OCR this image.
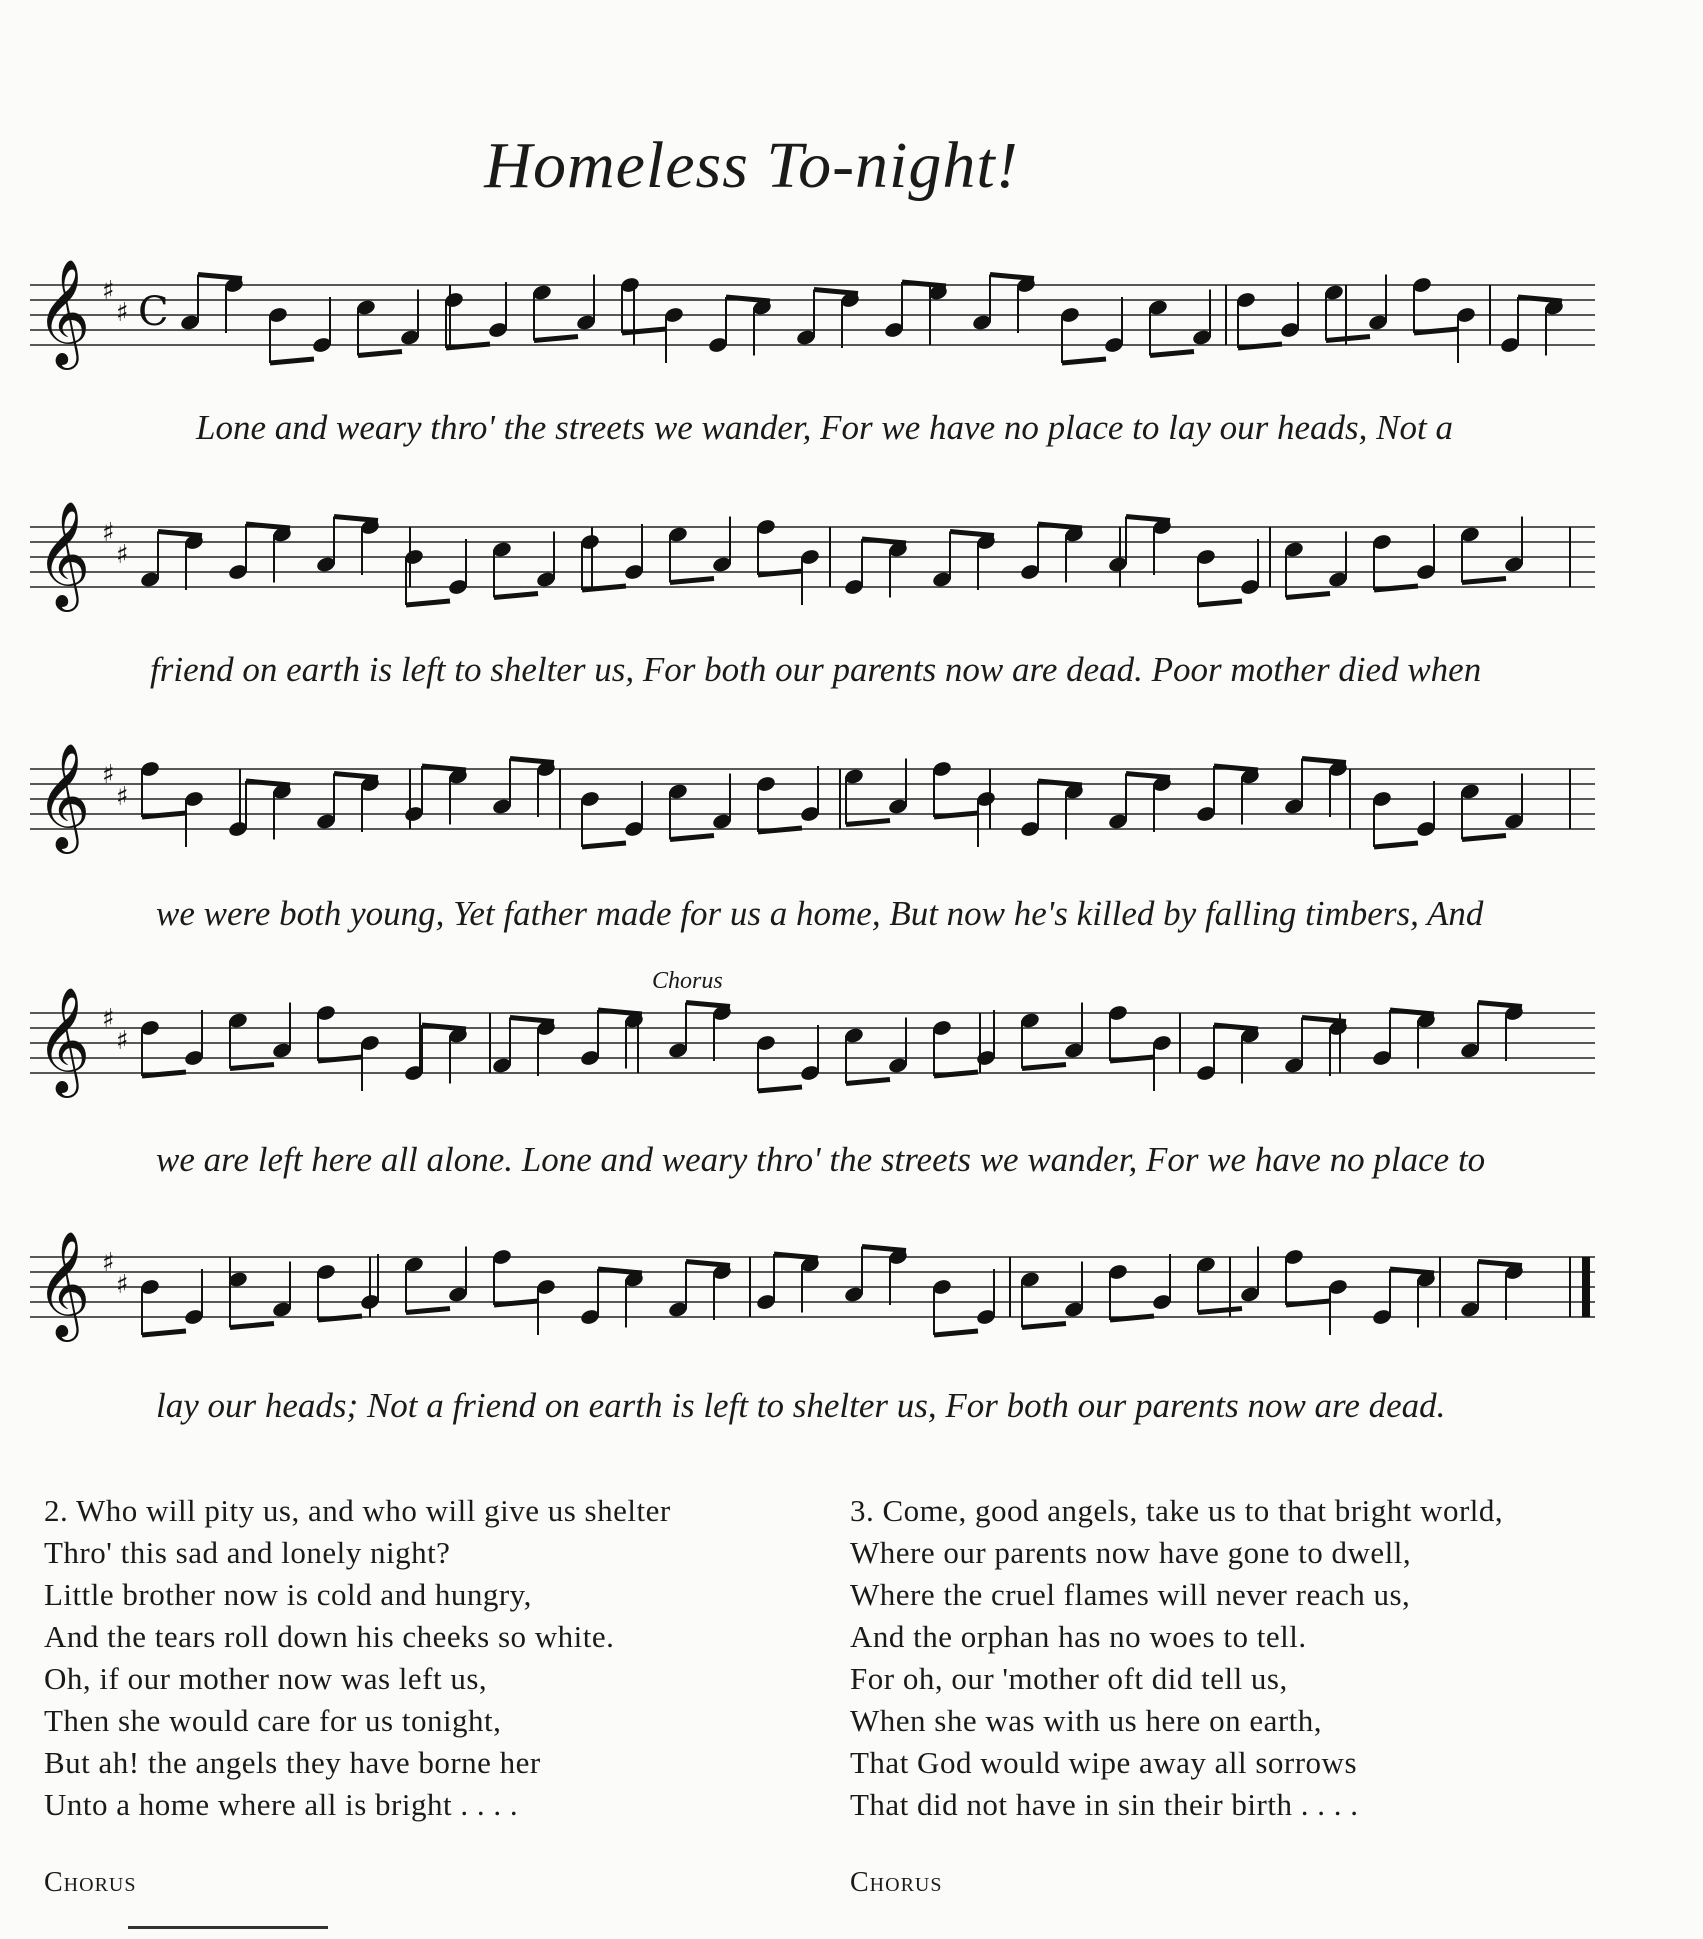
Homeless To-night!
𝄞 ♯
♯ C
Lone and weary thro' the streets we wander, For we have no place to lay our heads, Not a
𝄞 ♯
♯
friend on earth is left to shelter us, For both our parents now are dead. Poor mother died when
𝄞 ♯
♯
we were both young, Yet father made for us a home, But now he's killed by falling timbers, And
Chorus
𝄞 ♯
♯
we are left here all alone. Lone and weary thro' the streets we wander, For we have no place to
𝄞 ♯
♯
lay our heads; Not a friend on earth is left to shelter us, For both our parents now are dead.
2. Who will pity us, and who will give us shelter
Thro' this sad and lonely night?
Little brother now is cold and hungry,
And the tears roll down his cheeks so white.
Oh, if our mother now was left us,
Then she would care for us tonight,
But ah! the angels they have borne her
Unto a home where all is bright . . . .
Chorus
3. Come, good angels, take us to that bright world,
Where our parents now have gone to dwell,
Where the cruel flames will never reach us,
And the orphan has no woes to tell.
For oh, our 'mother oft did tell us,
When she was with us here on earth,
That God would wipe away all sorrows
That did not have in sin their birth . . . .
Chorus
